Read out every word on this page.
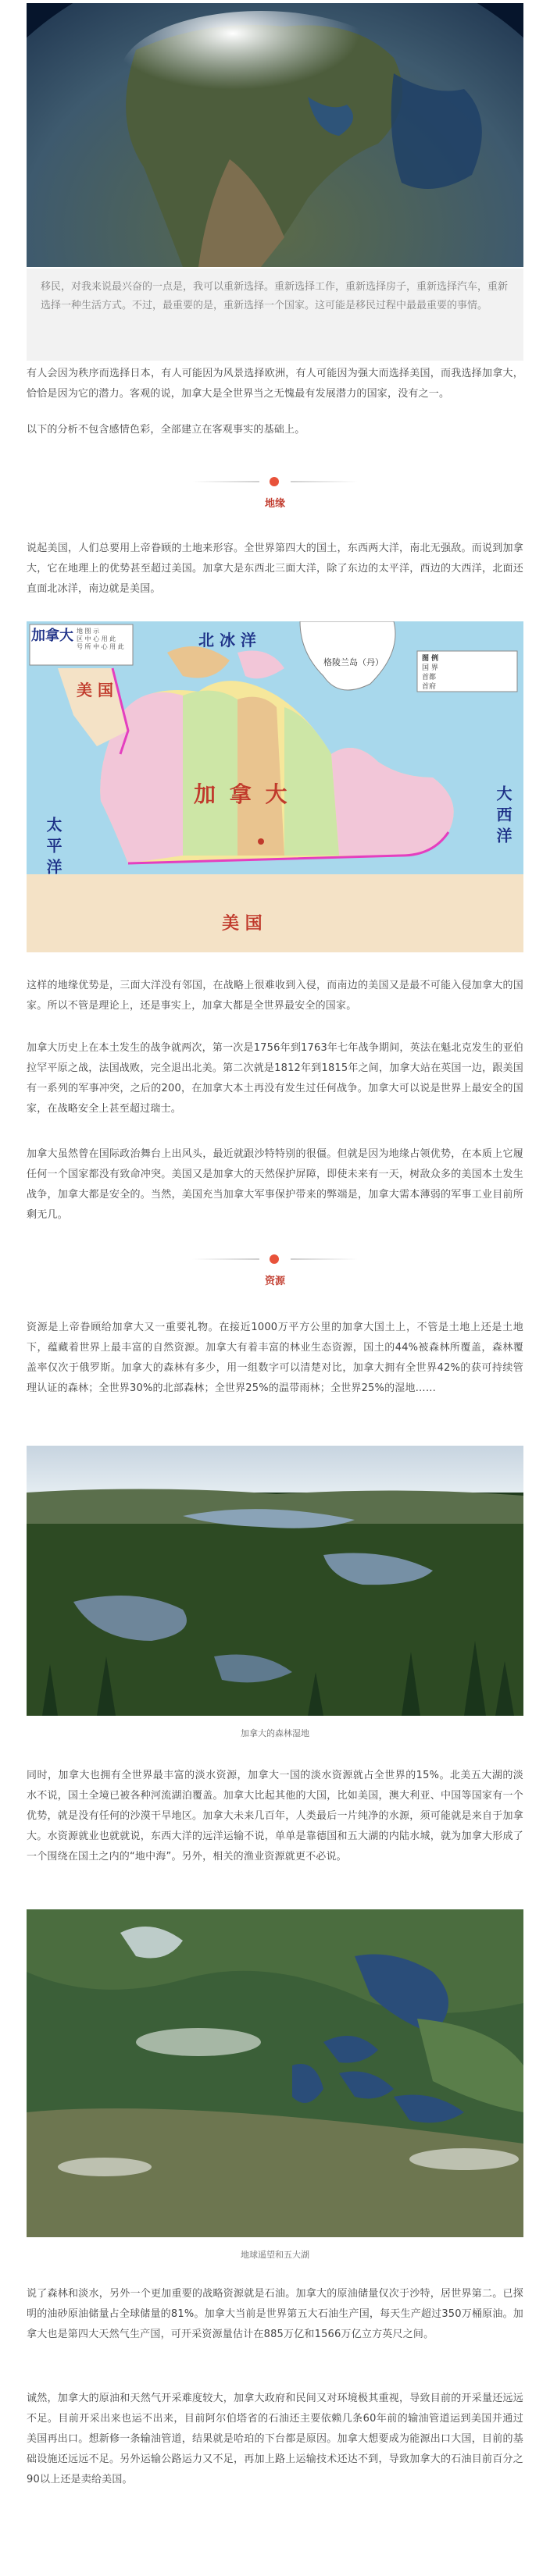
移民，对我来说最兴奋的一点是，我可以重新选择。重新选择工作，重新选择房子，重新选择汽车，重新选择一种生活方式。不过，最重要的是，重新选择一个国家。这可能是移民过程中最最重要的事情。

有人会因为秩序而选择日本，有人可能因为风景选择欧洲，有人可能因为强大而选择美国，而我选择加拿大，恰恰是因为它的潜力。客观的说，加拿大是全世界当之无愧最有发展潜力的国家，没有之一。

以下的分析不包含感情色彩，全部建立在客观事实的基础上。

地缘

说起美国，人们总要用上帝眷顾的土地来形容。全世界第四大的国土，东西两大洋，南北无强敌。而说到加拿大，它在地理上的优势甚至超过美国。加拿大是东西北三面大洋，除了东边的太平洋，西边的大西洋，北面还直面北冰洋，南边就是美国。

加拿大 地 图 示
区 中 心 用 此
号 所 中 心 用 此
图 例
国 界
首都
首府
北 冰 洋
格陵兰岛（丹）
美 国
加 拿 大
太 平 洋
大 西 洋
美 国

这样的地缘优势是，三面大洋没有邻国，在战略上很难收到入侵，而南边的美国又是最不可能入侵加拿大的国家。所以不管是理论上，还是事实上，加拿大都是全世界最安全的国家。

加拿大历史上在本土发生的战争就两次，第一次是1756年到1763年七年战争期间，英法在魁北克发生的亚伯拉罕平原之战，法国战败，完全退出北美。第二次就是1812年到1815年之间，加拿大站在英国一边，跟美国有一系列的军事冲突，之后的200，在加拿大本土再没有发生过任何战争。加拿大可以说是世界上最安全的国家，在战略安全上甚至超过瑞士。

加拿大虽然曾在国际政治舞台上出风头，最近就跟沙特特别的很僵。但就是因为地缘占领优势，在本质上它履任何一个国家都没有致命冲突。美国又是加拿大的天然保护屏障，即使未来有一天，树敌众多的美国本土发生战争，加拿大都是安全的。当然，美国充当加拿大军事保护带来的弊端是，加拿大需本薄弱的军事工业目前所剩无几。

资源

资源是上帝眷顾给加拿大又一重要礼物。在接近1000万平方公里的加拿大国土上，不管是土地上还是土地下，蕴藏着世界上最丰富的自然资源。加拿大有着丰富的林业生态资源，国土的44%被森林所覆盖，森林覆盖率仅次于俄罗斯。加拿大的森林有多少，用一组数字可以清楚对比，加拿大拥有全世界42%的获可持续管理认证的森林；全世界30%的北部森林；全世界25%的温带雨林；全世界25%的湿地……

加拿大的森林湿地

同时，加拿大也拥有全世界最丰富的淡水资源，加拿大一国的淡水资源就占全世界的15%。北美五大湖的淡水不说，国土全境已被各种河流湖泊覆盖。加拿大比起其他的大国，比如美国，澳大利亚、中国等国家有一个优势，就是没有任何的沙漠干旱地区。加拿大未来几百年，人类最后一片纯净的水源，须可能就是来自于加拿大。水资源就业也就就说，东西大洋的远洋运输不说，单单是靠德国和五大湖的内陆水城，就为加拿大形成了一个围绕在国土之内的“地中海”。另外，相关的渔业资源就更不必说。

地球遥望和五大湖

说了森林和淡水，另外一个更加重要的战略资源就是石油。加拿大的原油储量仅次于沙特，居世界第二。已探明的油砂原油储量占全球储量的81%。加拿大当前是世界第五大石油生产国，每天生产超过350万桶原油。加拿大也是第四大天然气生产国，可开采资源量估计在885万亿和1566万亿立方英尺之间。

诚然，加拿大的原油和天然气开采难度较大，加拿大政府和民间又对环境极其重视，导致目前的开采量还远远不足。目前开采出来也运不出来，目前阿尔伯塔省的石油还主要依赖几条60年前的输油管道运到美国并通过美国再出口。想新修一条输油管道，结果就是哈珀的下台都是原因。加拿大想要成为能源出口大国，目前的基础设施还远远不足。另外运输公路运力又不足，再加上路上运输技术还达不到，导致加拿大的石油目前百分之90以上还是卖给美国。
